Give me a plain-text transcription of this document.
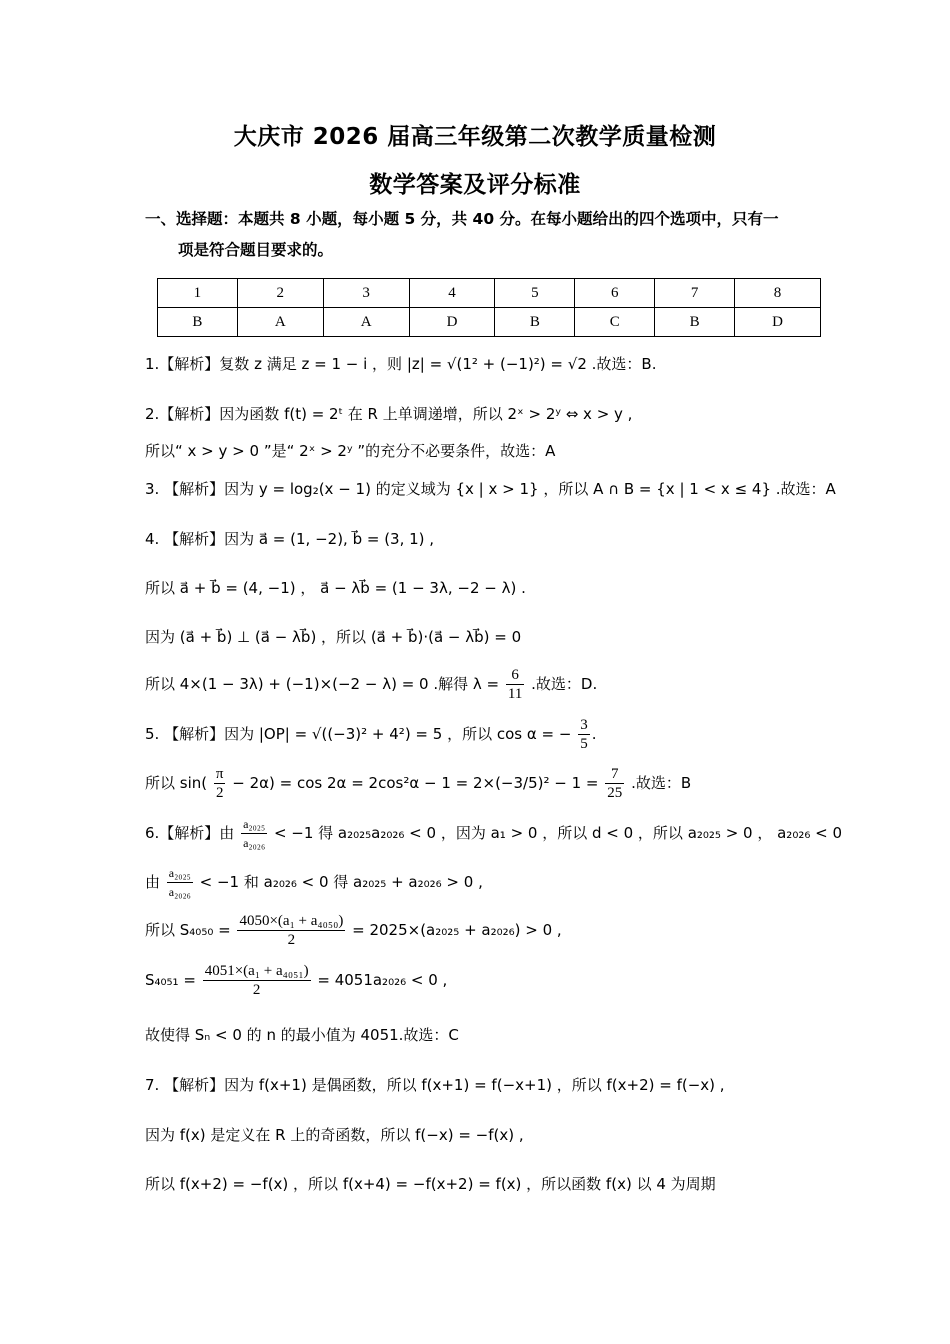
大庆市 2026 届高三年级第二次教学质量检测
数学答案及评分标准
一、选择题：本题共 8 小题，每小题 5 分，共 40 分。在每小题给出的四个选项中，只有一
项是符合题目要求的。
1	2	3	4	5	6	7	8
B	A	A	D	B	C	B	D
1.【解析】复数 z 满足 z = 1 − i ，则 |z| = √(1² + (−1)²) = √2 .故选：B.
2.【解析】因为函数 f(t) = 2ᵗ 在 R 上单调递增，所以 2ˣ > 2ʸ ⇔ x > y ,
所以“ x > y > 0 ”是“ 2ˣ > 2ʸ ”的充分不必要条件，故选：A
3. 【解析】因为 y = log₂(x − 1) 的定义域为 {x | x > 1} ，所以 A ∩ B = {x | 1 < x ≤ 4} .故选：A
4. 【解析】因为 a⃗ = (1, −2), b⃗ = (3, 1) ,
所以 a⃗ + b⃗ = (4, −1) ， a⃗ − λb⃗ = (1 − 3λ, −2 − λ) .
因为 (a⃗ + b⃗) ⊥ (a⃗ − λb⃗) ，所以 (a⃗ + b⃗)·(a⃗ − λb⃗) = 0
所以 4×(1 − 3λ) + (−1)×(−2 − λ) = 0 .解得 $\lambda = \frac{6}{11}$ .故选：D.
5. 【解析】因为 |OP| = √((−3)² + 4²) = 5 ，所以 cos α = − $\frac{3}{5}$ .
所以 $\sin( \frac{\pi}{2} - 2\alpha) = \cos 2\alpha = 2\cos^2\alpha - 1 = 2\times(-3/5)^2 - 1 = \frac{7}{25}$ .故选：B
6.【解析】由 $\frac{\text{a₂₀₂₅}}{\text{a₂₀₂₆}} < -1$ 得 a₂₀₂₅a₂₀₂₆ < 0 ，因为 a₁ > 0 ，所以 d < 0 ，所以 a₂₀₂₅ > 0 ， a₂₀₂₆ < 0
由 $\frac{\text{a₂₀₂₅}}{\text{a₂₀₂₆}} < -1$ 和 a₂₀₂₆ < 0 得 a₂₀₂₅ + a₂₀₂₆ > 0 ,
所以 $S_{4050} = \frac{\text{4050×(a₁ + a₄₀₅₀)}}{2} = 2025\times(a_{2025} + a_{2026}) > 0$ ,
$S_{4051} = \frac{\text{4051×(a₁ + a₄₀₅₁)}}{2} = 4051a_{2026} < 0$ ,
故使得 Sₙ < 0 的 n 的最小值为 4051.故选：C
7. 【解析】因为 f(x+1) 是偶函数，所以 f(x+1) = f(−x+1) ，所以 f(x+2) = f(−x) ,
因为 f(x) 是定义在 R 上的奇函数，所以 f(−x) = −f(x) ,
所以 f(x+2) = −f(x) ，所以 f(x+4) = −f(x+2) = f(x) ，所以函数 f(x) 以 4 为周期
